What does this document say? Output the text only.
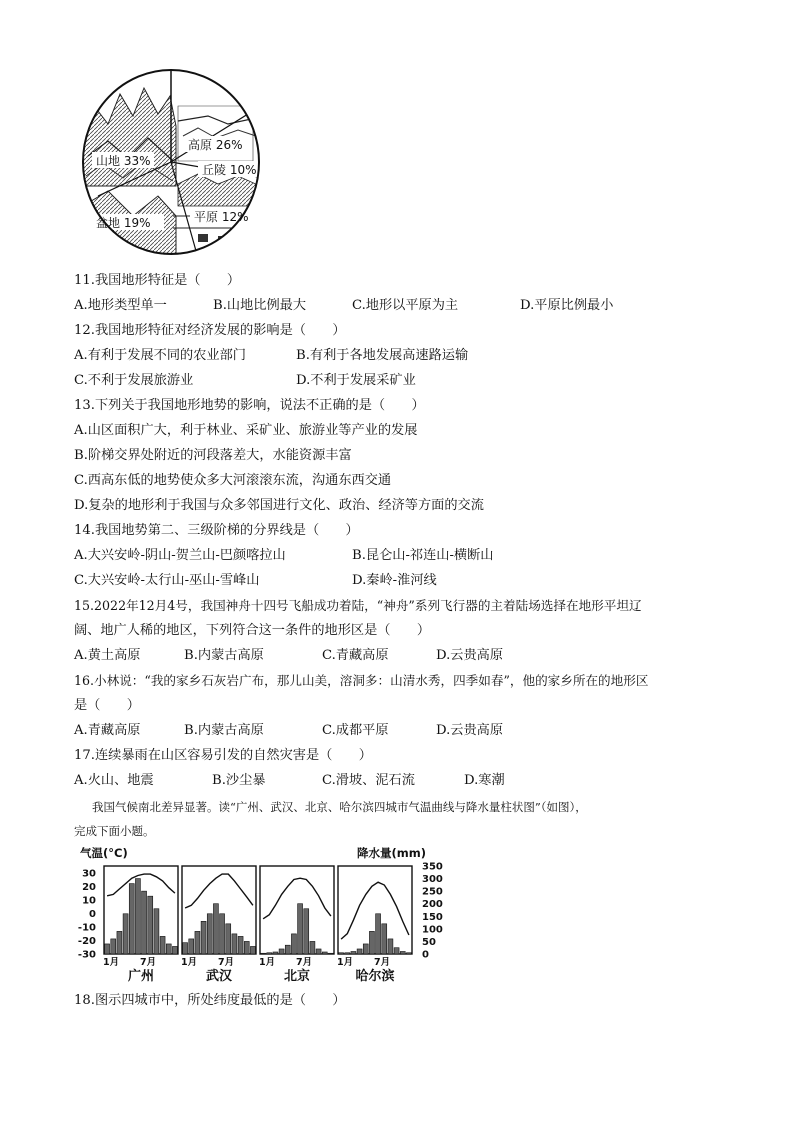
山地 33%
高原 26%
丘陵 10%
平原 12%
盆地 19%
11.我国地形特征是（　　）
A.地形类型单一	B.山地比例最大	C.地形以平原为主	D.平原比例最小
12.我国地形特征对经济发展的影响是（　　）
A.有利于发展不同的农业部门	B.有利于各地发展高速路运输
C.不利于发展旅游业	D.不利于发展采矿业
13.下列关于我国地形地势的影响，说法不正确的是（　　）
A.山区面积广大，利于林业、采矿业、旅游业等产业的发展
B.阶梯交界处附近的河段落差大，水能资源丰富
C.西高东低的地势使众多大河滚滚东流，沟通东西交通
D.复杂的地形利于我国与众多邻国进行文化、政治、经济等方面的交流
14.我国地势第二、三级阶梯的分界线是（　　）
A.大兴安岭-阴山-贺兰山-巴颜喀拉山	B.昆仑山-祁连山-横断山
C.大兴安岭-太行山-巫山-雪峰山	D.秦岭-淮河线
15.2022年12月4号，我国神舟十四号飞船成功着陆，“神舟”系列飞行器的主着陆场选择在地形平坦辽
阔、地广人稀的地区，下列符合这一条件的地形区是（　　）
A.黄土高原	B.内蒙古高原	C.青藏高原	D.云贵高原
16.小林说：“我的家乡石灰岩广布，那儿山美，溶洞多：山清水秀，四季如春”，他的家乡所在的地形区
是（　　）
A.青藏高原	B.内蒙古高原	C.成都平原	D.云贵高原
17.连续暴雨在山区容易引发的自然灾害是（　　）
A.火山、地震	B.沙尘暴	C.滑坡、泥石流	D.寒潮
我国气候南北差异显著。读“广州、武汉、北京、哈尔滨四城市气温曲线与降水量柱状图”（如图），
完成下面小题。
气温(°C)	降水量(mm)
30
20
10
0
-10
-20
-30
350
300
250
200
150
100
50
0
1月 7月
广州
1月 7月
武汉
1月 7月
北京
1月 7月
哈尔滨
18.图示四城市中，所处纬度最低的是（　　）
